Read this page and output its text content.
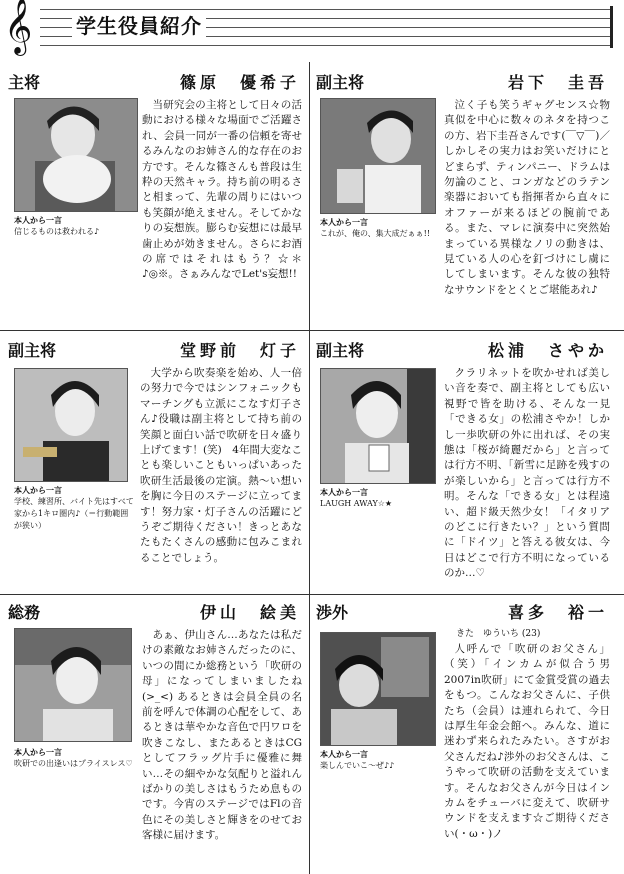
𝄞 学生役員紹介
主将	篠原　優希子
本人から一言
信じるものは救われる♪
当研究会の主将として日々の活動における様々な場面でご活躍され、会員一同が一番の信頼を寄せるみんなのお姉さん的な存在のお方です。そんな篠さんも普段は生粋の天然キャラ。持ち前の明るさと相まって、先輩の周りにはいつも笑顔が絶えません。そしてかなりの妄想族。膨らむ妄想には最早歯止めが効きません。さらにお酒の席ではそれはもう？☆＊♪◎※。さぁみんなでLet's妄想!!
副主将	岩下　圭吾
本人から一言
これが、俺の、集大成だぁぁ!!
泣く子も笑うギャグセンス☆物真似を中心に数々のネタを持つこの方、岩下圭吾さんです(￣▽￣)／しかしその実力はお笑いだけにとどまらず、ティンパニー、ドラムは勿論のこと、コンガなどのラテン楽器においても指揮者から直々にオファーが来るほどの腕前である。また、マレに演奏中に突然始まっている異様なノリの動きは、見ている人の心を釘づけにし虜にしてしまいます。そんな彼の独特なサウンドをとくとご堪能あれ♪
副主将	堂野前　灯子
本人から一言
学校、練習所、バイト先はすべて家から1キロ圏内♪（＝行動範囲が狭い）
大学から吹奏楽を始め、人一倍の努力で今ではシンフォニックもマーチングも立派にこなす灯子さん♪役職は副主将として持ち前の笑顔と面白い話で吹研を日々盛り上げてます！(笑)　4年間大変なことも楽しいこともいっぱいあった吹研生活最後の定演。熱〜い想いを胸に今日のステージに立ってます！努力家・灯子さんの活躍にどうぞご期待ください！きっとあなたもたくさんの感動に包みこまれることでしょう。
副主将	松浦　さやか
本人から一言
LAUGH AWAY☆★
クラリネットを吹かせれば美しい音を奏で、副主将としても広い視野で皆を助ける、そんな一見「できる女」の松浦さやか！しかし一歩吹研の外に出れば、その実態は「桜が綺麗だから」と言っては行方不明、「新雪に足跡を残すのが楽しいから」と言っては行方不明。そんな「できる女」とは程遠い、超ド級天然少女！「イタリアのどこに行きたい？」という質問に「ドイツ」と答える彼女は、今日はどこで行方不明になっているのか…♡
総務	伊山　絵美
本人から一言
吹研での出逢いはプライスレス♡
あぁ、伊山さん…あなたは私だけの素敵なお姉さんだったのに、いつの間にか総務という「吹研の母」になってしまいましたね(>_<) あるときは会員全員の名前を呼んで体調の心配をして、あるときは華やかな音色で円ワロを吹きこなし、またあるときはCGとしてフラッグ片手に優雅に舞い…その細やかな気配りと溢れんばかりの美しさはもうため息ものです。今宵のステージではFlの音色にその美しさと輝きをのせてお客様に届けます。
渉外	喜多　裕一
本人から一言
楽しんでいこ〜ぜ♪♪
きた　ゆういち (23)
人呼んで「吹研のお父さん」（笑）「インカムが似合う男2007in吹研」にて金賞受賞の過去をもつ。こんなお父さんに、子供たち（会員）は連れられて、今日は厚生年金会館へ。みんな、道に迷わず来られたみたい。さすがお父さんだね♪渉外のお父さんは、こうやって吹研の活動を支えています。そんなお父さんが今日はインカムをチューバに変えて、吹研サウンドを支えます☆ご期待ください(・ω・)ノ
